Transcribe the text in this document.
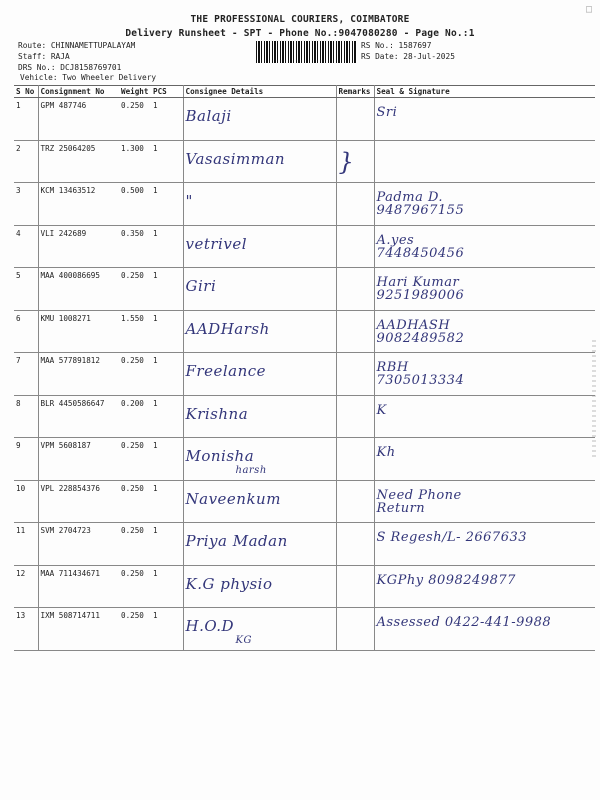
□
THE PROFESSIONAL COURIERS, COIMBATORE
Delivery Runsheet - SPT - Phone No.:9047080280 - Page No.:1
Route: CHINNAMETTUPALAYAM
Staff: RAJA
DRS No.: DCJ8158769701
RS No.: 1587697
RS Date: 28-Jul-2025
Vehicle: Two Wheeler Delivery
S No	Consignment No	Weight	PCS	Consignee Details	Remarks	Seal & Signature
1	GPM 487746	0.250	1	Balaji		Sri

2	TRZ 25064205	1.300	1	Vasasimman	}	

3	KCM 13463512	0.500	1	"		Padma D.
9487967155

4	VLI 242689	0.350	1	vetrivel		A.yes
7448450456

5	MAA 400086695	0.250	1	Giri		Hari Kumar
9251989006

6	KMU 1008271	1.550	1	AADHarsh		AADHASH
9082489582

7	MAA 577891812	0.250	1	Freelance		RBH
7305013334

8	BLR 4450586647	0.200	1	Krishna		K

9	VPM 5608187	0.250	1	Monisha
harsh		Kh

10	VPL 228854376	0.250	1	Naveenkum		Need Phone
Return

11	SVM 2704723	0.250	1	Priya Madan		S Regesh/L- 2667633

12	MAA 711434671	0.250	1	K.G physio		KGPhy 8098249877

13	IXM 508714711	0.250	1	H.O.D
KG		Assessed 0422-441-9988
